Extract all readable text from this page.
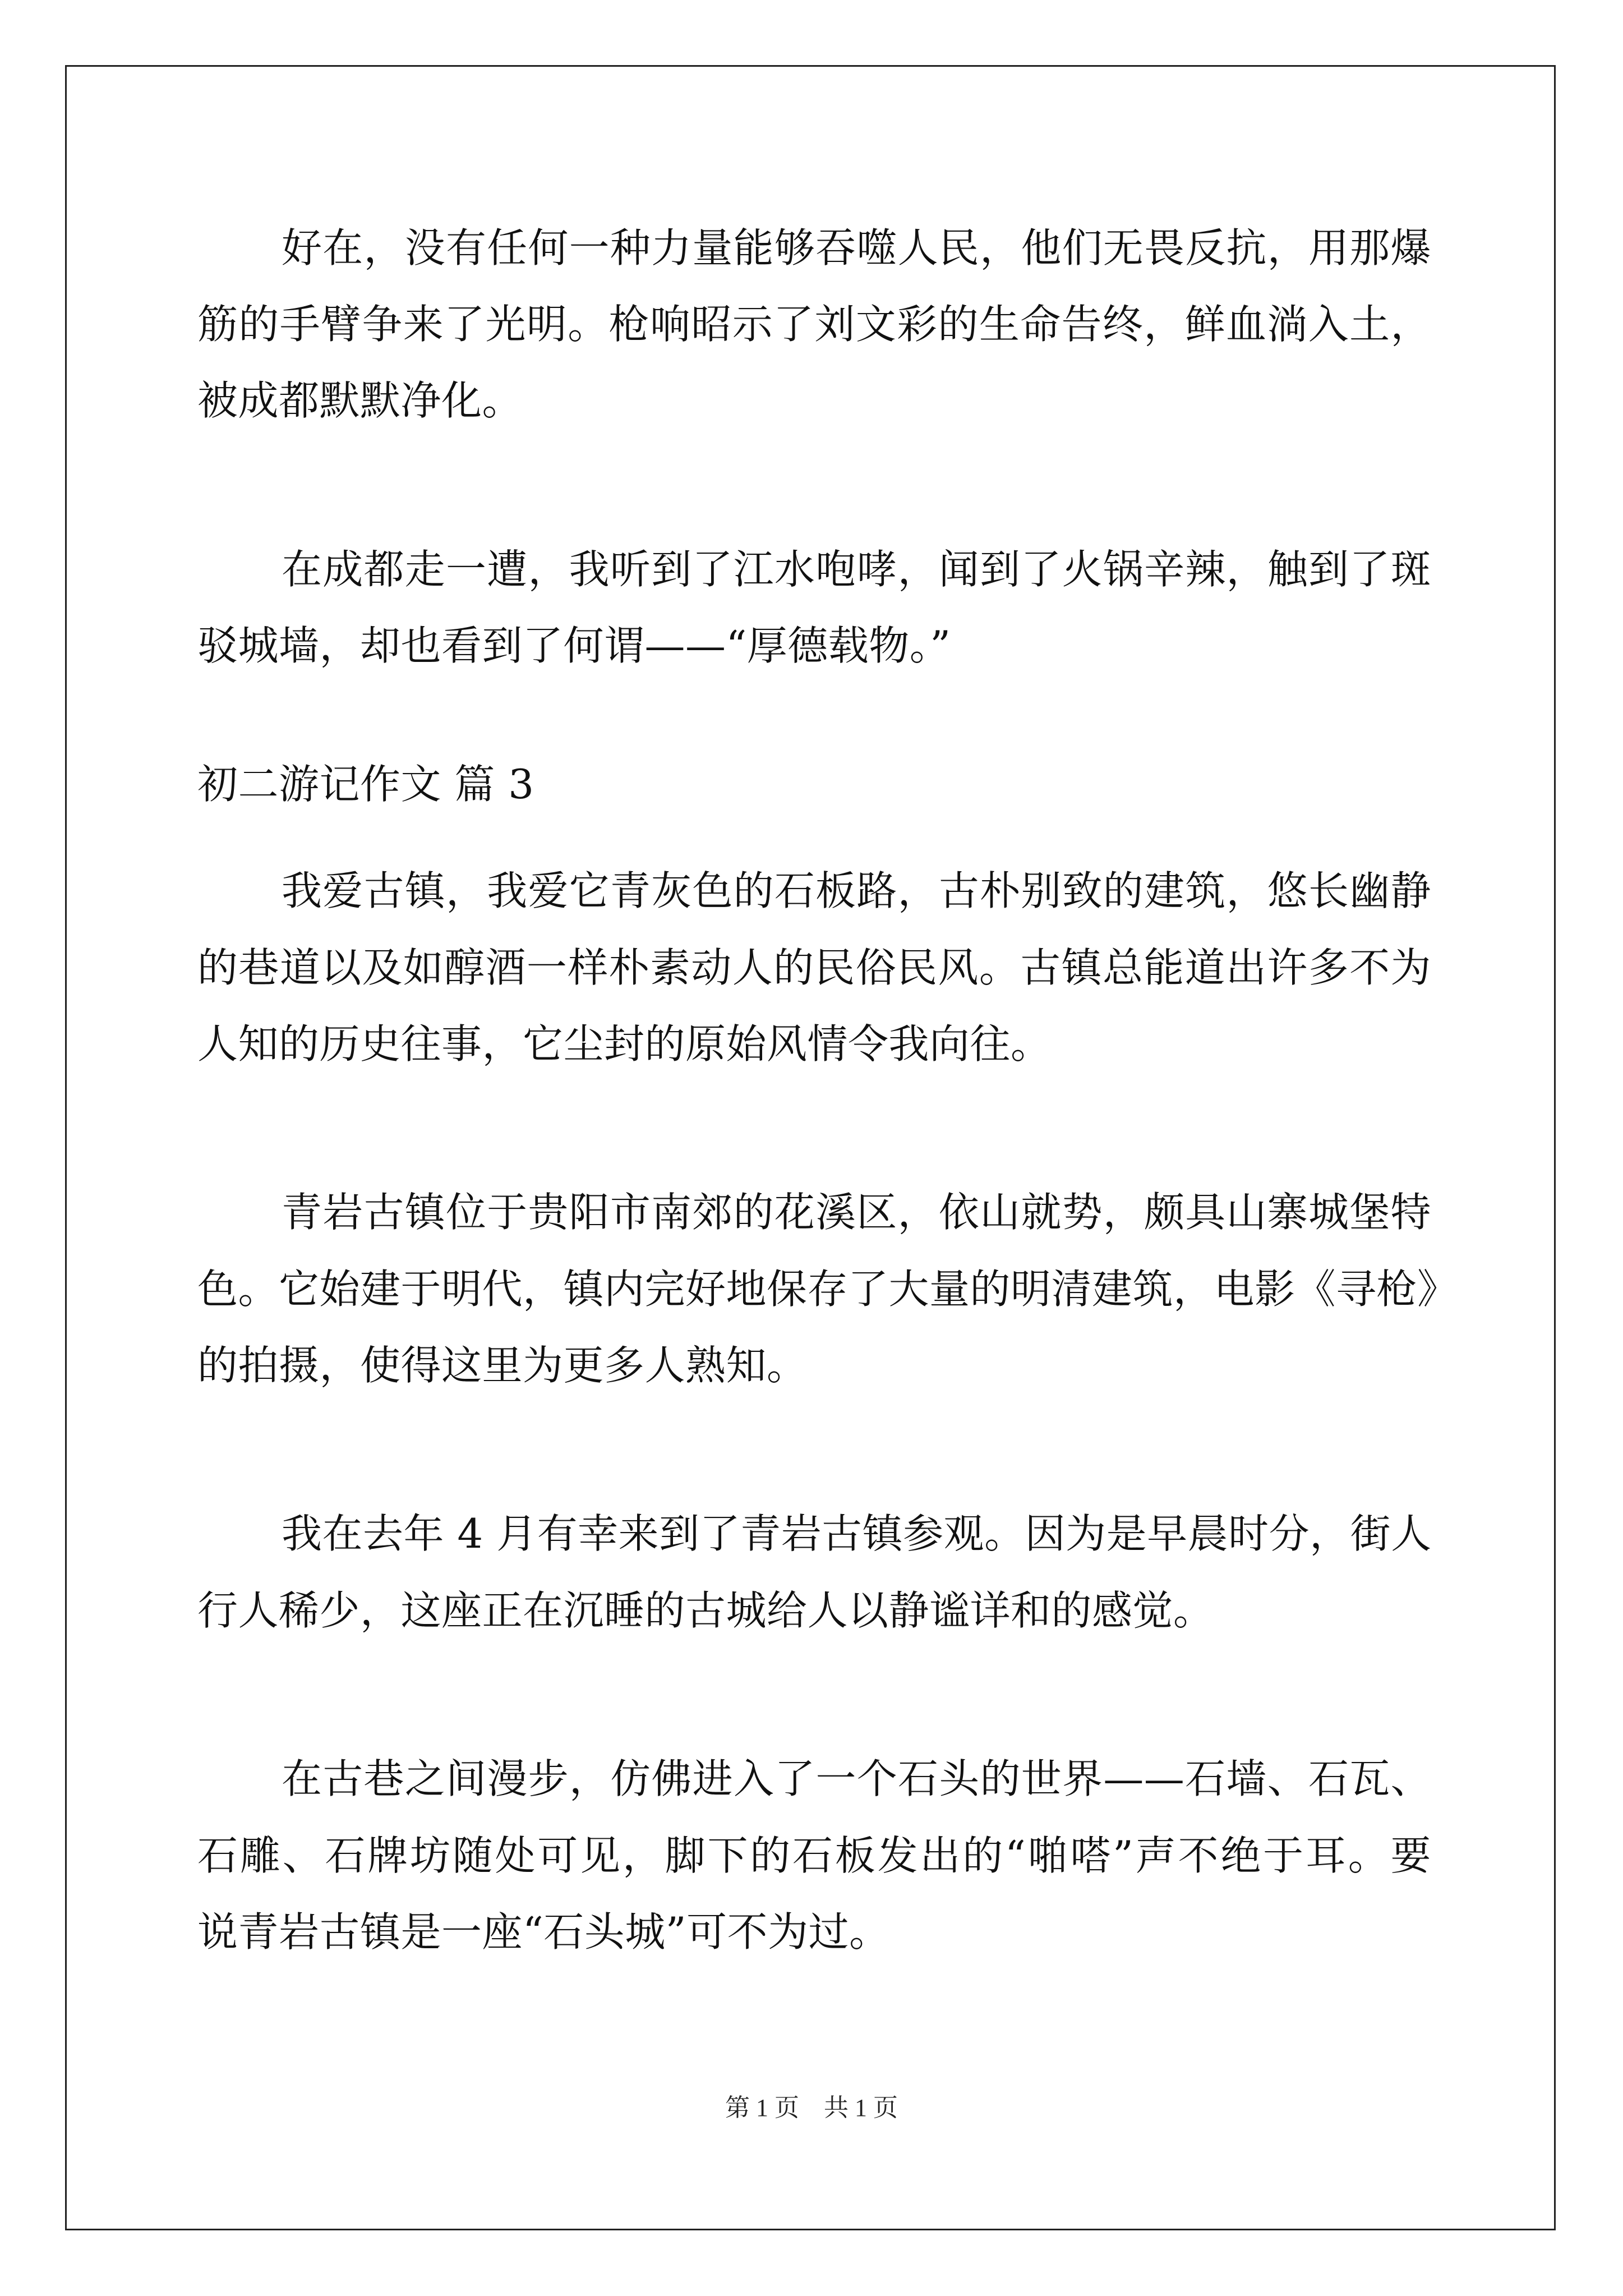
好在，没有任何一种力量能够吞噬人民，他们无畏反抗，用那爆

筋的手臂争来了光明。枪响昭示了刘文彩的生命告终，鲜血淌入土，

被成都默默净化。

在成都走一遭，我听到了江水咆哮，闻到了火锅辛辣，触到了斑

驳城墙，却也看到了何谓——“厚德载物。”

初二游记作文 篇 3

我爱古镇，我爱它青灰色的石板路，古朴别致的建筑，悠长幽静

的巷道以及如醇酒一样朴素动人的民俗民风。古镇总能道出许多不为

人知的历史往事，它尘封的原始风情令我向往。

青岩古镇位于贵阳市南郊的花溪区，依山就势，颇具山寨城堡特

色。它始建于明代，镇内完好地保存了大量的明清建筑，电影《寻枪》

的拍摄，使得这里为更多人熟知。

我在去年 4 月有幸来到了青岩古镇参观。因为是早晨时分，街人

行人稀少，这座正在沉睡的古城给人以静谧详和的感觉。

在古巷之间漫步，仿佛进入了一个石头的世界——石墙、石瓦、

石雕、石牌坊随处可见，脚下的石板发出的“啪嗒”声不绝于耳。要

说青岩古镇是一座“石头城”可不为过。

第 1 页    共 1 页
